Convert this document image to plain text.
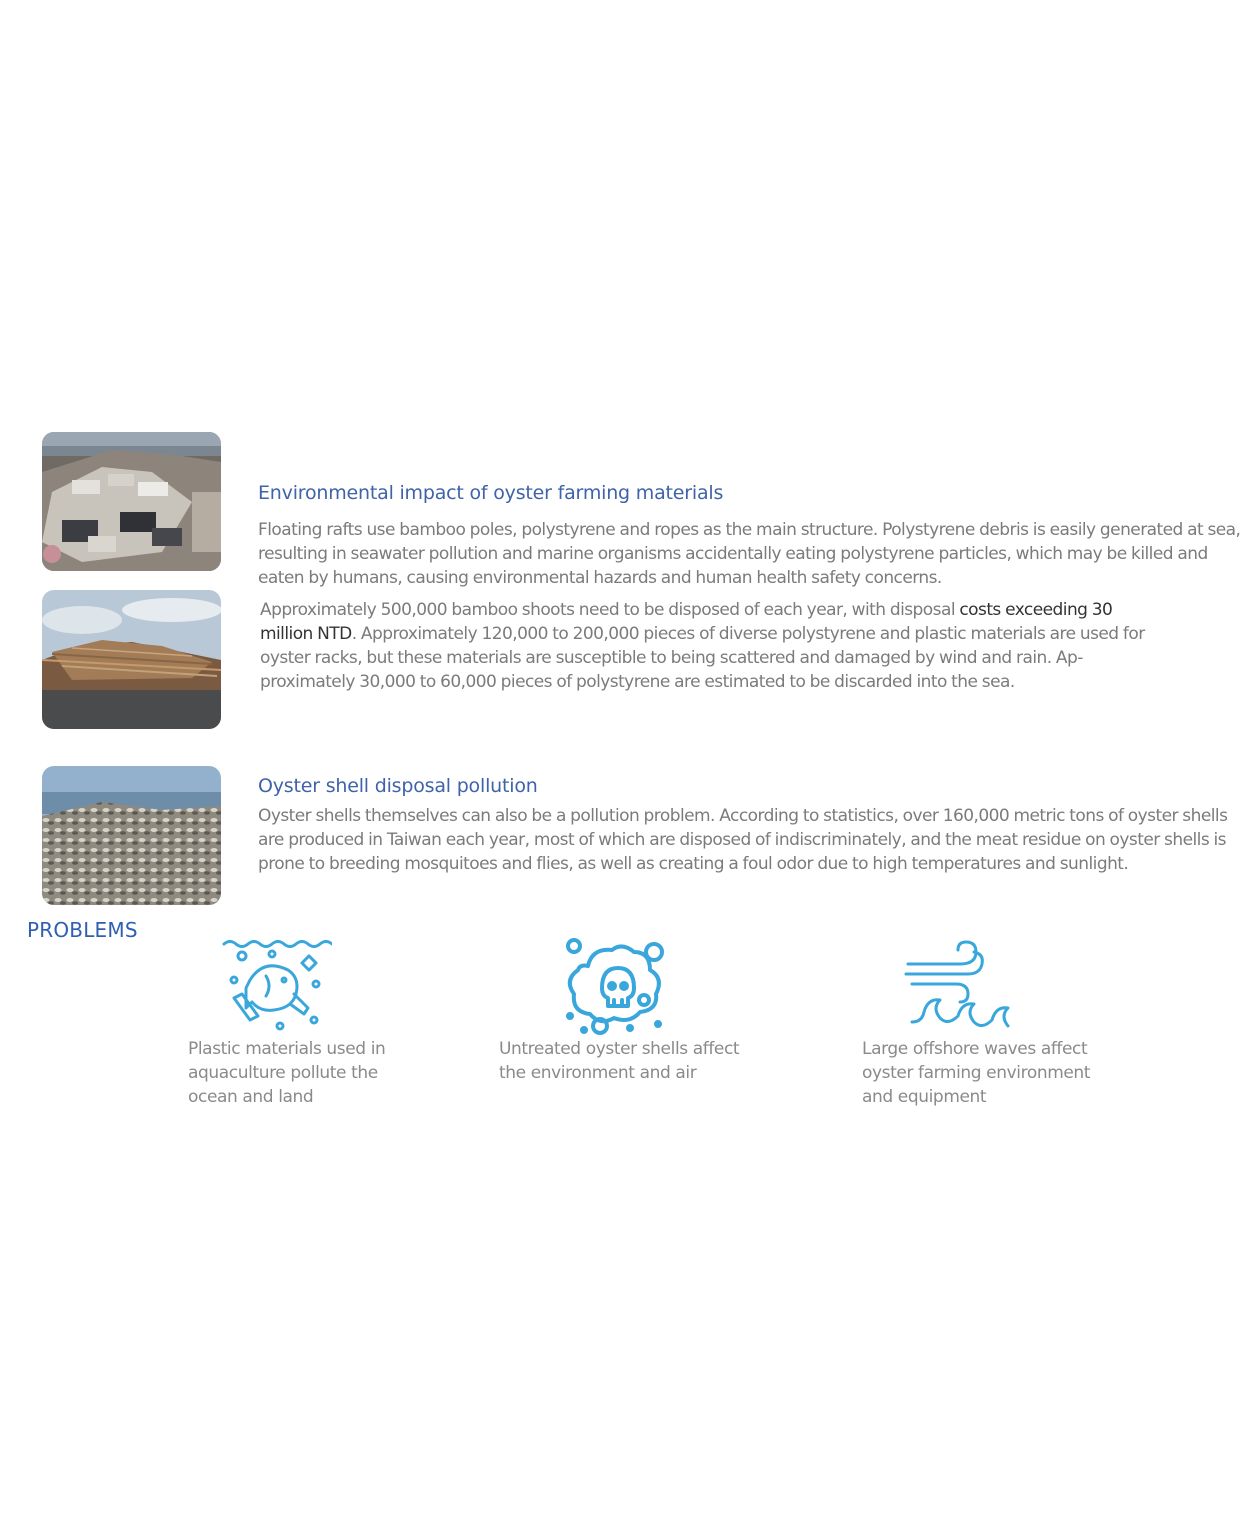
Environmental impact of oyster farming materials

Floating rafts use bamboo poles, polystyrene and ropes as the main structure. Polystyrene debris is easily generated at sea, resulting in seawater pollution and marine organisms accidentally eating polystyrene particles, which may be killed and eaten by humans, causing environmental hazards and human health safety concerns.

Approximately 500,000 bamboo shoots need to be disposed of each year, with disposal costs exceeding 30 million NTD. Approximately 120,000 to 200,000 pieces of diverse polystyrene and plastic materials are used for oyster racks, but these materials are susceptible to being scattered and damaged by wind and rain. Ap-proximately 30,000 to 60,000 pieces of polystyrene are estimated to be discarded into the sea.

Oyster shell disposal pollution

Oyster shells themselves can also be a pollution problem. According to statistics, over 160,000 metric tons of oyster shells are produced in Taiwan each year, most of which are disposed of indiscriminately, and the meat residue on oyster shells is prone to breeding mosquitoes and flies, as well as creating a foul odor due to high temperatures and sunlight.

PROBLEMS

Plastic materials used in aquaculture pollute the ocean and land

Untreated oyster shells affect the environment and air

Large offshore waves affect oyster farming environment and equipment
